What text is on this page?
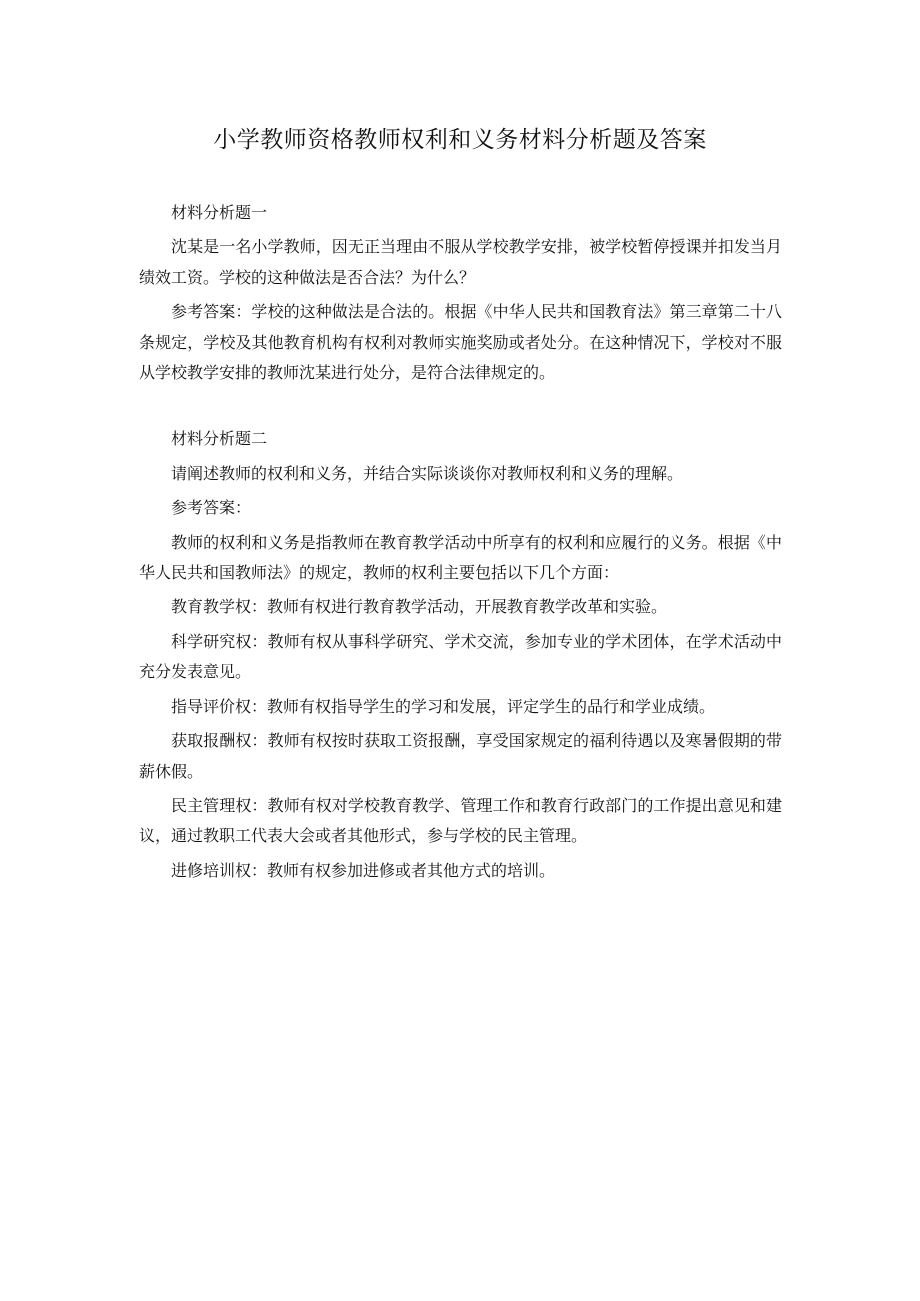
小学教师资格教师权利和义务材料分析题及答案

材料分析题一

沈某是一名小学教师，因无正当理由不服从学校教学安排，被学校暂停授课并扣发当月绩效工资。学校的这种做法是否合法？为什么？

参考答案：学校的这种做法是合法的。根据《中华人民共和国教育法》第三章第二十八条规定，学校及其他教育机构有权利对教师实施奖励或者处分。在这种情况下，学校对不服从学校教学安排的教师沈某进行处分，是符合法律规定的。

材料分析题二

请阐述教师的权利和义务，并结合实际谈谈你对教师权利和义务的理解。

参考答案：

教师的权利和义务是指教师在教育教学活动中所享有的权利和应履行的义务。根据《中华人民共和国教师法》的规定，教师的权利主要包括以下几个方面：

教育教学权：教师有权进行教育教学活动，开展教育教学改革和实验。

科学研究权：教师有权从事科学研究、学术交流，参加专业的学术团体，在学术活动中充分发表意见。

指导评价权：教师有权指导学生的学习和发展，评定学生的品行和学业成绩。

获取报酬权：教师有权按时获取工资报酬，享受国家规定的福利待遇以及寒暑假期的带薪休假。

民主管理权：教师有权对学校教育教学、管理工作和教育行政部门的工作提出意见和建议，通过教职工代表大会或者其他形式，参与学校的民主管理。

进修培训权：教师有权参加进修或者其他方式的培训。
